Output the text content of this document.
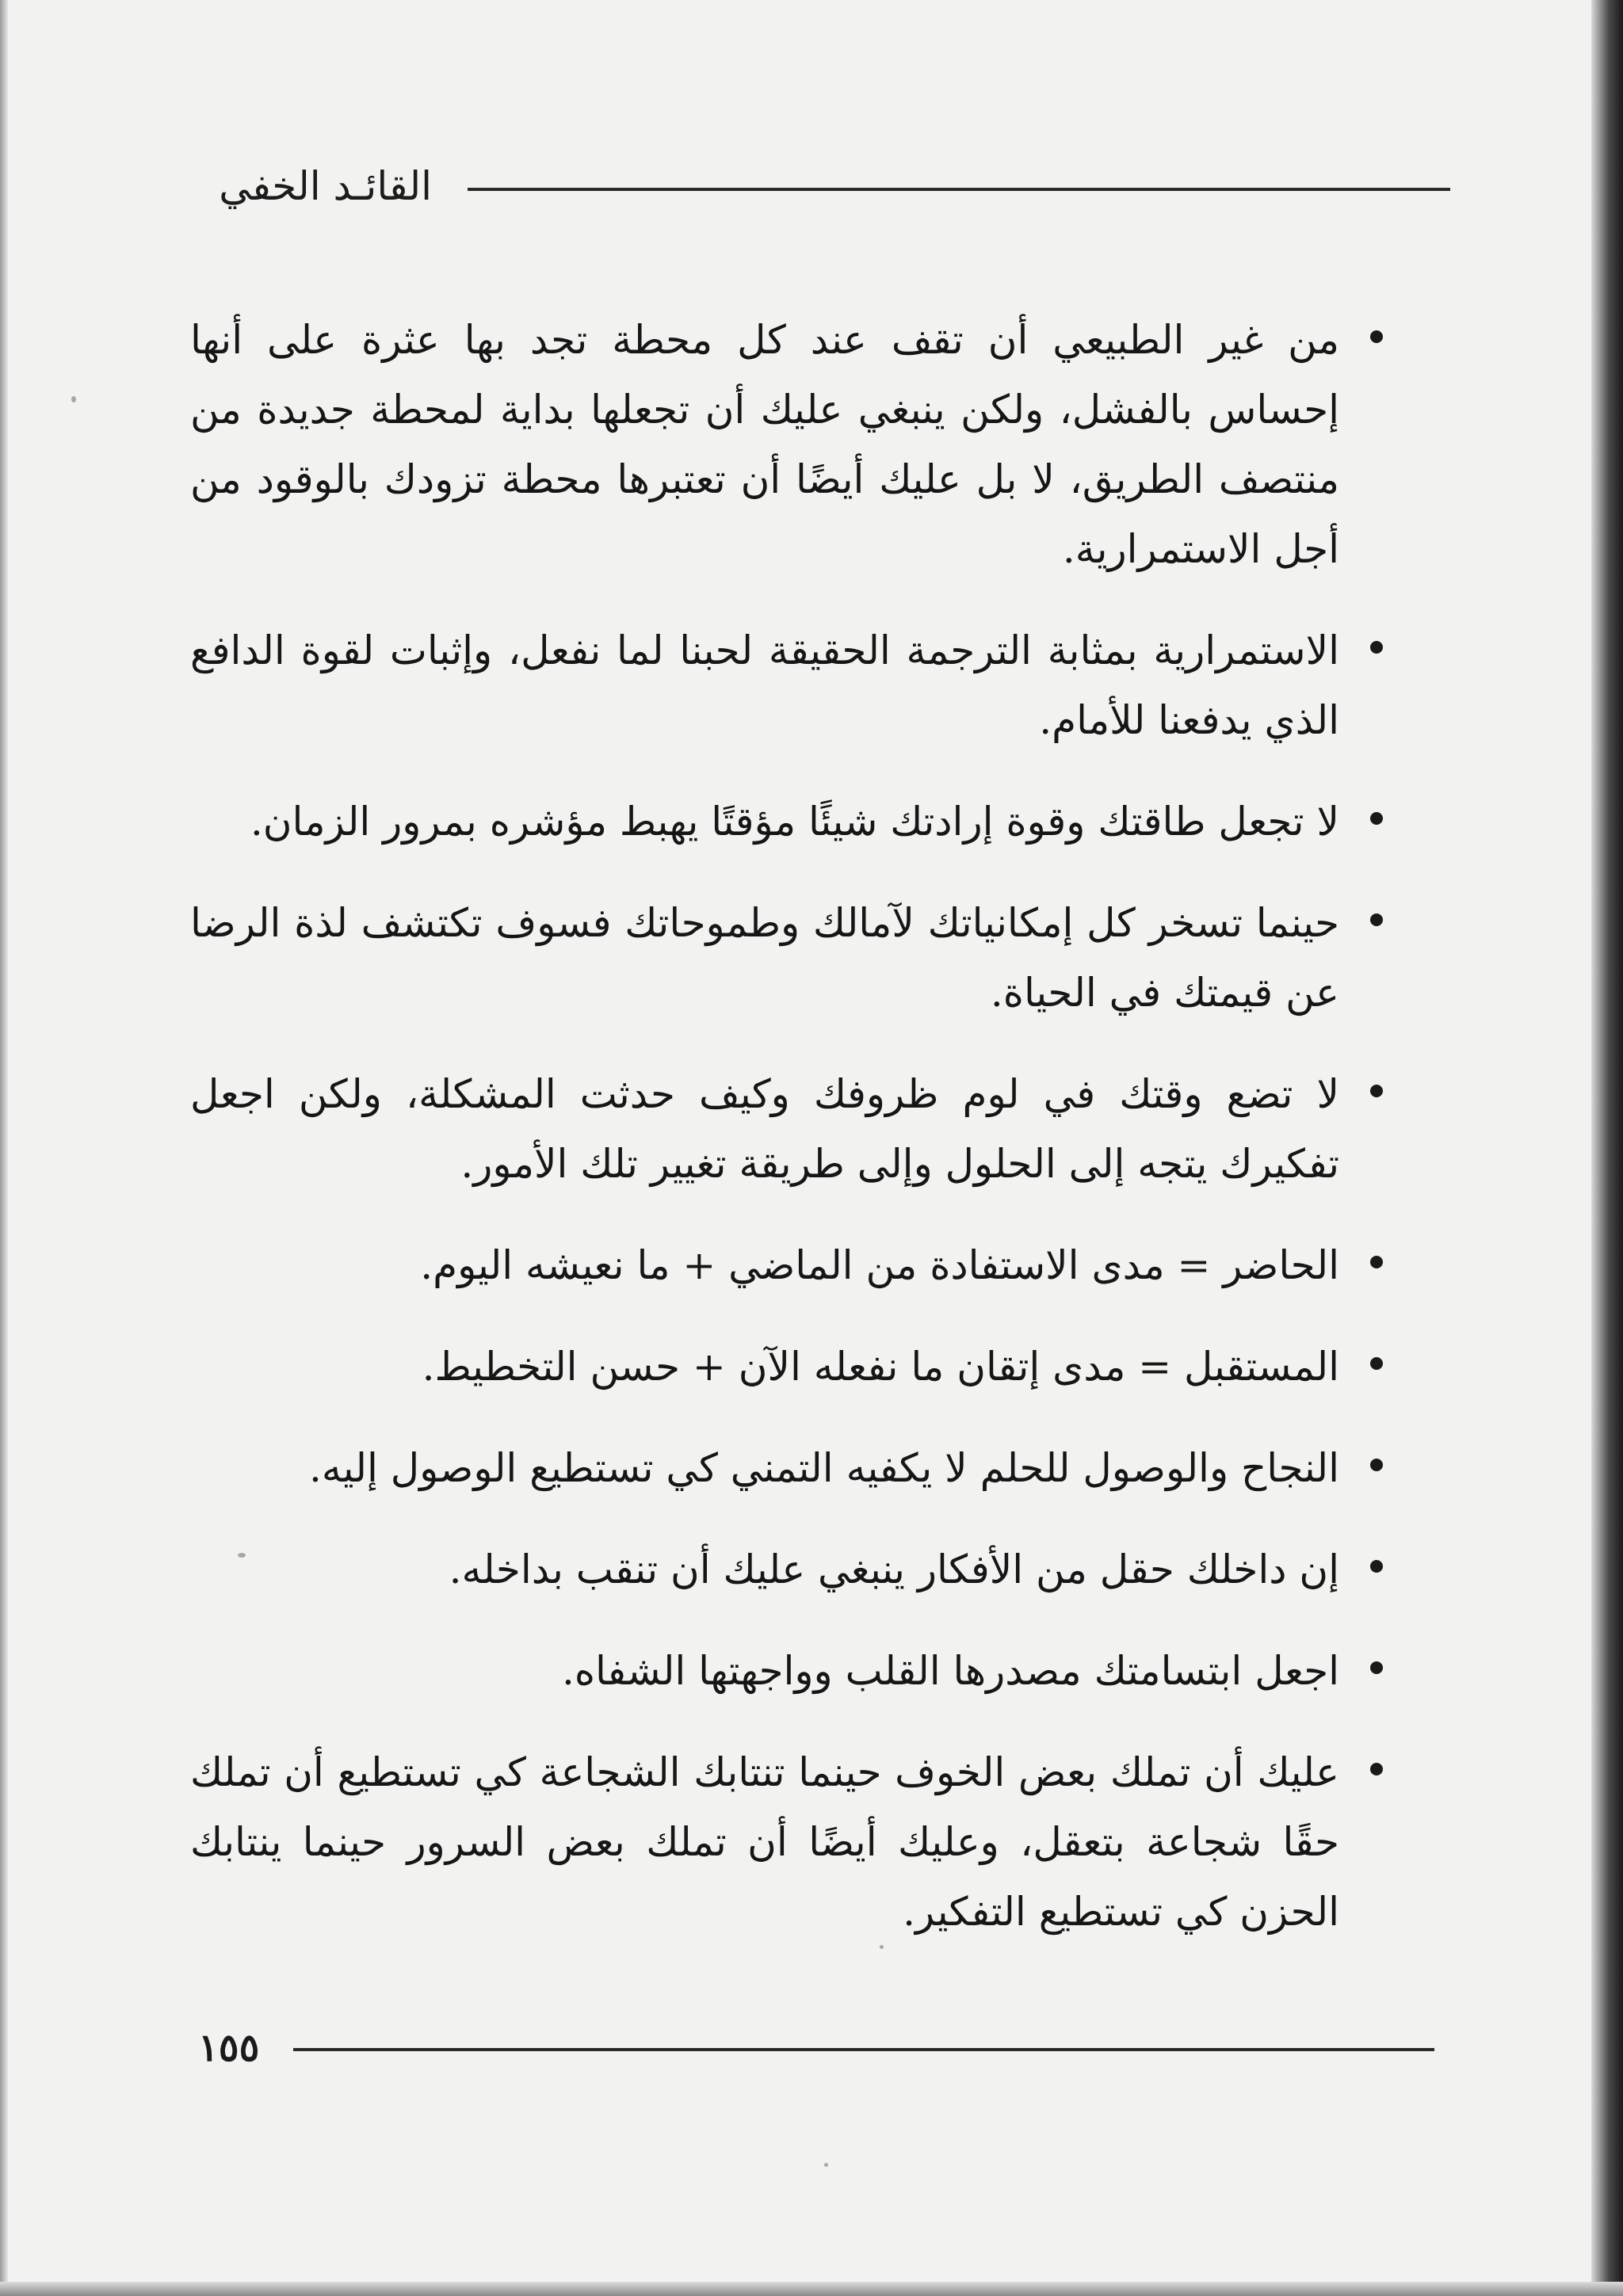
القائـد الخفي
من غير الطبيعي أن تقف عند كل محطة تجد بها عثرة على أنها إحساس بالفشل، ولكن ينبغي عليك أن تجعلها بداية لمحطة جديدة من منتصف الطريق، لا بل عليك أيضًا أن تعتبرها محطة تزودك بالوقود من أجل الاستمرارية.
الاستمرارية بمثابة الترجمة الحقيقة لحبنا لما نفعل، وإثبات لقوة الدافع الذي يدفعنا للأمام.
لا تجعل طاقتك وقوة إرادتك شيئًا مؤقتًا يهبط مؤشره بمرور الزمان.
حينما تسخر كل إمكانياتك لآمالك وطموحاتك فسوف تكتشف لذة الرضا عن قيمتك في الحياة.
لا تضع وقتك في لوم ظروفك وكيف حدثت المشكلة، ولكن اجعل تفكيرك يتجه إلى الحلول وإلى طريقة تغيير تلك الأمور.
الحاضر = مدى الاستفادة من الماضي + ما نعيشه اليوم.
المستقبل = مدى إتقان ما نفعله الآن + حسن التخطيط.
النجاح والوصول للحلم لا يكفيه التمني كي تستطيع الوصول إليه.
إن داخلك حقل من الأفكار ينبغي عليك أن تنقب بداخله.
اجعل ابتسامتك مصدرها القلب وواجهتها الشفاه.
عليك أن تملك بعض الخوف حينما تنتابك الشجاعة كي تستطيع أن تملك حقًا شجاعة بتعقل، وعليك أيضًا أن تملك بعض السرور حينما ينتابك الحزن كي تستطيع التفكير.
١٥٥
